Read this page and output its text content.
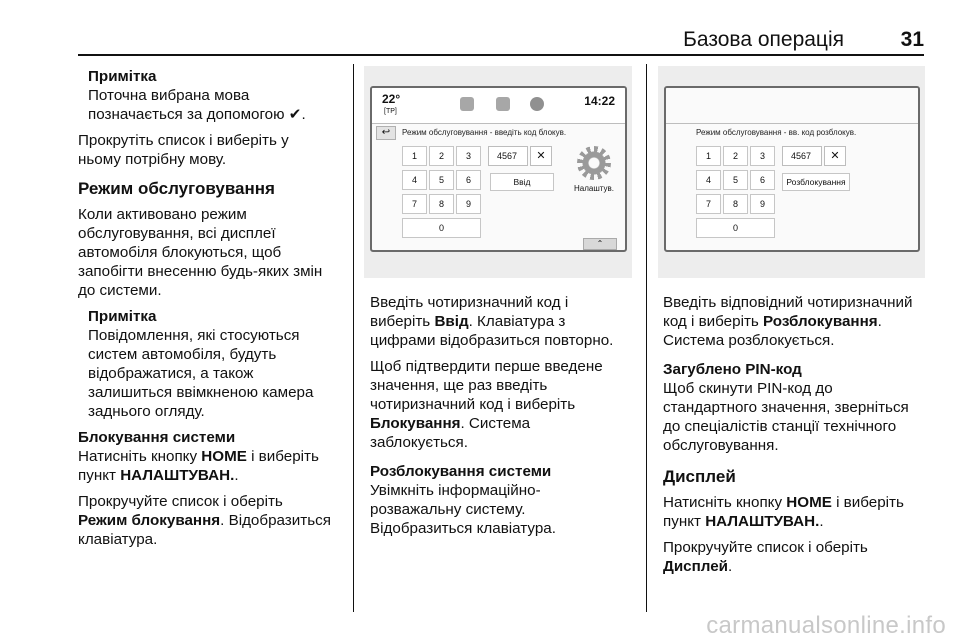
Базова операція	31
Примітка
Поточна вибрана мова
позначається за допомогою ✔.

Прокрутіть список і виберіть у
ньому потрібну мову.

Режим обслуговування

Коли активовано режим
обслуговування, всі дисплеї
автомобіля блокуються, щоб
запобігти внесенню будь-яких змін
до системи.

Примітка
Повідомлення, які стосуються
систем автомобіля, будуть
відображатися, а також
залишиться ввімкненою камера
заднього огляду.
Блокування системи

Натисніть кнопку HOME і виберіть
пункт НАЛАШТУВАН..

Прокручуйте список і оберіть
Режим блокування. Відобразиться
клавіатура.

22°
[TP]
14:22
↩	Режим обслуговування - введіть код блокув.
1	2	3
4	5	6
7	8	9
0
4567	✕
Ввід
Налаштув.
⌃

Введіть чотиризначний код і
виберіть Ввід. Клавіатура з
цифрами відобразиться повторно.

Щоб підтвердити перше введене
значення, ще раз введіть
чотиризначний код і виберіть
Блокування. Система
заблокується.

Розблокування системи

Увімкніть інформаційно-
розважальну систему.
Відобразиться клавіатура.

Режим обслуговування - вв. код розблокув.
1	2	3
4	5	6
7	8	9
0
4567	✕
Розблокування

Введіть відповідний чотиризначний
код і виберіть Розблокування.
Система розблокується.

Загублено PIN-код

Щоб скинути PIN-код до
стандартного значення, зверніться
до спеціалістів станції технічного
обслуговування.

Дисплей

Натисніть кнопку HOME і виберіть
пункт НАЛАШТУВАН..

Прокручуйте список і оберіть
Дисплей.

carmanualsonline.info
